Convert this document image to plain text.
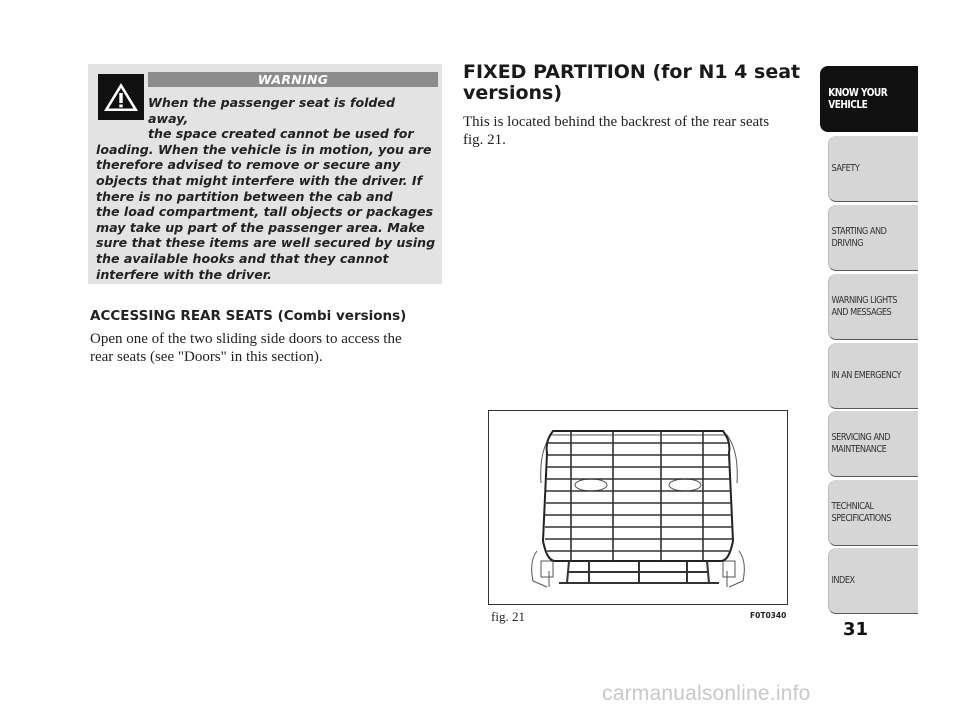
WARNING
When the passenger seat is folded away,
the space created cannot be used for
loading. When the vehicle is in motion, you are
therefore advised to remove or secure any
objects that might interfere with the driver. If
there is no partition between the cab and
the load compartment, tall objects or packages
may take up part of the passenger area. Make
sure that these items are well secured by using
the available hooks and that they cannot
interfere with the driver.
ACCESSING REAR SEATS (Combi versions)
Open one of the two sliding side doors to access the
rear seats (see "Doors" in this section).
FIXED PARTITION (for N1 4 seat
versions)
This is located behind the backrest of the rear seats
fig. 21.
fig. 21	F0T0340
KNOW YOUR
VEHICLE
SAFETY
STARTING AND
DRIVING
WARNING LIGHTS
AND MESSAGES
IN AN EMERGENCY
SERVICING AND
MAINTENANCE
TECHNICAL
SPECIFICATIONS
INDEX
31
carmanualsonline.info
